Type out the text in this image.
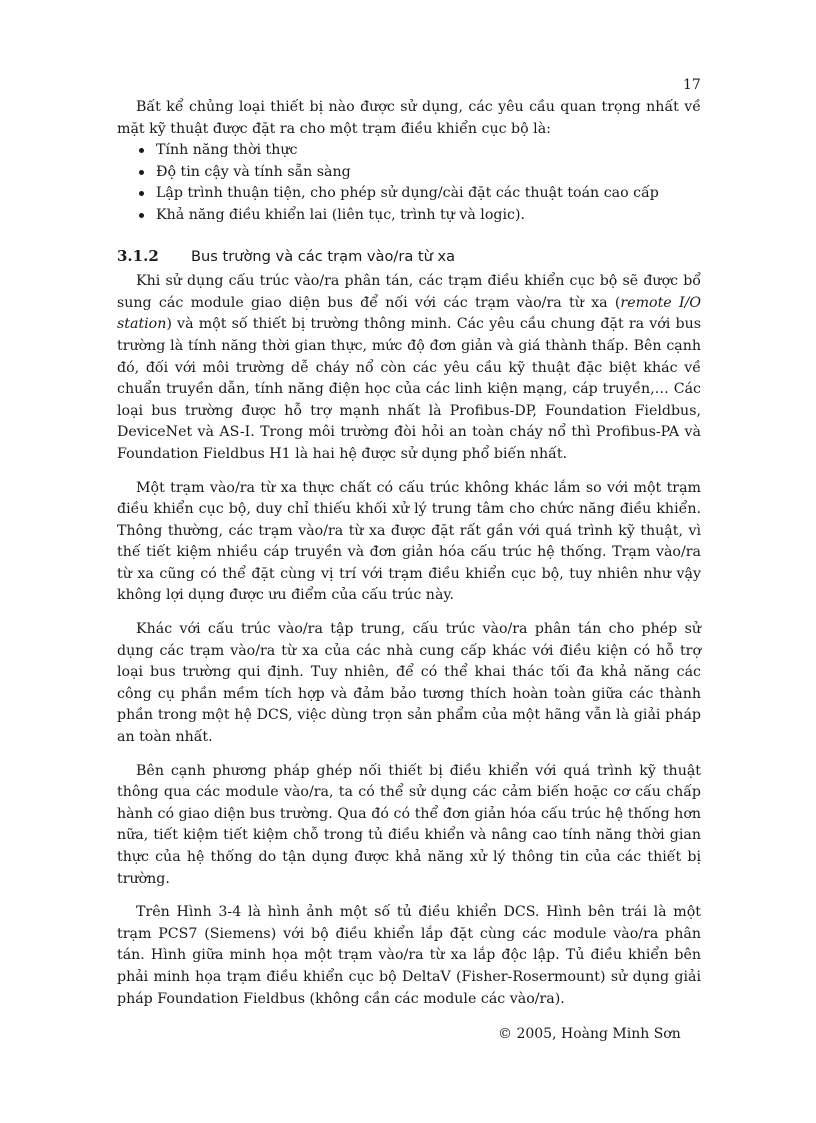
17

Bất kể chủng loại thiết bị nào được sử dụng, các yêu cầu quan trọng nhất về mặt kỹ thuật được đặt ra cho một trạm điều khiển cục bộ là:

Tính năng thời thực
Độ tin cậy và tính sẵn sàng
Lập trình thuận tiện, cho phép sử dụng/cài đặt các thuật toán cao cấp
Khả năng điều khiển lai (liên tục, trình tự và logic).
3.1.2	Bus trường và các trạm vào/ra từ xa

Khi sử dụng cấu trúc vào/ra phân tán, các trạm điều khiển cục bộ sẽ được bổ sung các module giao diện bus để nối với các trạm vào/ra từ xa (remote I/O station) và một số thiết bị trường thông minh. Các yêu cầu chung đặt ra với bus trường là tính năng thời gian thực, mức độ đơn giản và giá thành thấp. Bên cạnh đó, đối với môi trường dễ cháy nổ còn các yêu cầu kỹ thuật đặc biệt khác về chuẩn truyền dẫn, tính năng điện học của các linh kiện mạng, cáp truyền,… Các loại bus trường được hỗ trợ mạnh nhất là Profibus-DP, Foundation Fieldbus, DeviceNet và AS-I. Trong môi trường đòi hỏi an toàn cháy nổ thì Profibus-PA và Foundation Fieldbus H1 là hai hệ được sử dụng phổ biến nhất.

Một trạm vào/ra từ xa thực chất có cấu trúc không khác lắm so với một trạm điều khiển cục bộ, duy chỉ thiếu khối xử lý trung tâm cho chức năng điều khiển. Thông thường, các trạm vào/ra từ xa được đặt rất gần với quá trình kỹ thuật, vì thế tiết kiệm nhiều cáp truyền và đơn giản hóa cấu trúc hệ thống. Trạm vào/ra từ xa cũng có thể đặt cùng vị trí với trạm điều khiển cục bộ, tuy nhiên như vậy không lợi dụng được ưu điểm của cấu trúc này.

Khác với cấu trúc vào/ra tập trung, cấu trúc vào/ra phân tán cho phép sử dụng các trạm vào/ra từ xa của các nhà cung cấp khác với điều kiện có hỗ trợ loại bus trường qui định. Tuy nhiên, để có thể khai thác tối đa khả năng các công cụ phần mềm tích hợp và đảm bảo tương thích hoàn toàn giữa các thành phần trong một hệ DCS, việc dùng trọn sản phẩm của một hãng vẫn là giải pháp an toàn nhất.

Bên cạnh phương pháp ghép nối thiết bị điều khiển với quá trình kỹ thuật thông qua các module vào/ra, ta có thể sử dụng các cảm biến hoặc cơ cấu chấp hành có giao diện bus trường. Qua đó có thể đơn giản hóa cấu trúc hệ thống hơn nữa, tiết kiệm tiết kiệm chỗ trong tủ điều khiển và nâng cao tính năng thời gian thực của hệ thống do tận dụng được khả năng xử lý thông tin của các thiết bị trường.

Trên Hình 3-4 là hình ảnh một số tủ điều khiển DCS. Hình bên trái là một trạm PCS7 (Siemens) với bộ điều khiển lắp đặt cùng các module vào/ra phân tán. Hình giữa minh họa một trạm vào/ra từ xa lắp độc lập. Tủ điều khiển bên phải minh họa trạm điều khiển cục bộ DeltaV (Fisher-Rosermount) sử dụng giải pháp Foundation Fieldbus (không cần các module các vào/ra).

© 2005, Hoàng Minh Sơn
